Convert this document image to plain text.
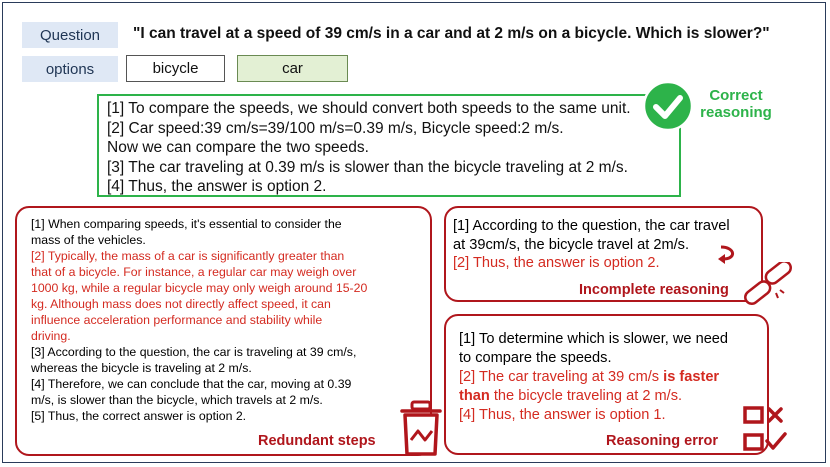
Question	"I can travel at a speed of 39 cm/s in a car and at 2 m/s on a bicycle. Which is slower?"
options	bicycle	car
[1] To compare the speeds, we should convert both speeds to the same unit.
[2] Car speed:39 cm/s=39/100 m/s=0.39 m/s, Bicycle speed:2 m/s.
Now we can compare the two speeds.
[3] The car traveling at 0.39 m/s is slower than the bicycle traveling at 2 m/s.
[4] Thus, the answer is option 2.
Correct
reasoning
[1] When comparing speeds, it's essential to consider the
mass of the vehicles.
[2] Typically, the mass of a car is significantly greater than
that of a bicycle. For instance, a regular car may weigh over
1000 kg, while a regular bicycle may only weigh around 15-20
kg. Although mass does not directly affect speed, it can
influence acceleration performance and stability while
driving.
[3] According to the question, the car is traveling at 39 cm/s,
whereas the bicycle is traveling at 2 m/s.
[4] Therefore, we can conclude that the car, moving at 0.39
m/s, is slower than the bicycle, which travels at 2 m/s.
[5] Thus, the correct answer is option 2.
Redundant steps
[1] According to the question, the car travel
at 39cm/s, the bicycle travel at 2m/s.
[2] Thus, the answer is option 2.
Incomplete reasoning
[1] To determine which is slower, we need
to compare the speeds.
[2] The car traveling at 39 cm/s is faster
than the bicycle traveling at 2 m/s.
[4] Thus, the answer is option 1.
Reasoning error
